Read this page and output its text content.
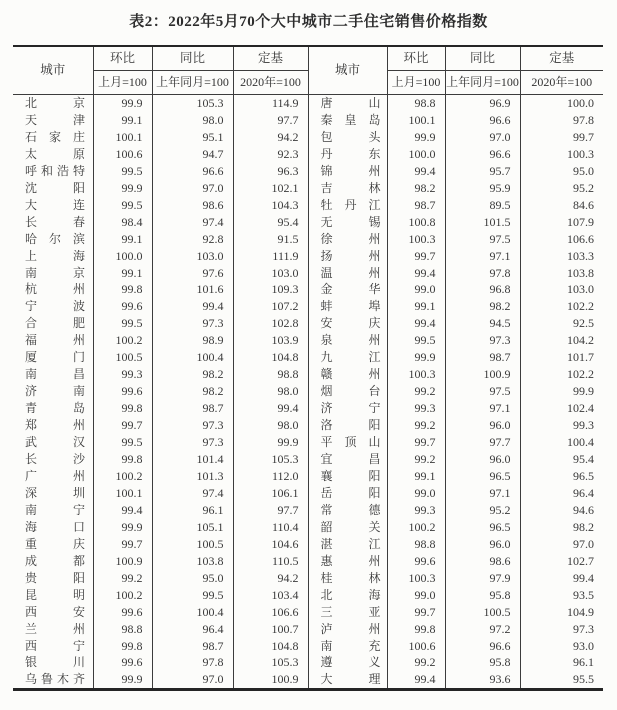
表2：2022年5月70个大中城市二手住宅销售价格指数
城市	环比	同比	定基	城市	环比	同比	定基
	上月=100	上年同月=100	2020年=100		上月=100	上年同月=100	2020年=100
北京	99.9	105.3	114.9	唐山	98.8	96.9	100.0
天津	99.1	98.0	97.7	秦皇岛	100.1	96.6	97.8
石家庄	100.1	95.1	94.2	包头	99.9	97.0	99.7
太原	100.6	94.7	92.3	丹东	100.0	96.6	100.3
呼和浩特	99.5	96.6	96.3	锦州	99.4	95.7	95.0
沈阳	99.9	97.0	102.1	吉林	98.2	95.9	95.2
大连	99.5	98.6	104.3	牡丹江	98.7	89.5	84.6
长春	98.4	97.4	95.4	无锡	100.8	101.5	107.9
哈尔滨	99.1	92.8	91.5	徐州	100.3	97.5	106.6
上海	100.0	103.0	111.9	扬州	99.7	97.1	103.3
南京	99.1	97.6	103.0	温州	99.4	97.8	103.8
杭州	99.8	101.6	109.3	金华	99.0	96.8	103.0
宁波	99.6	99.4	107.2	蚌埠	99.1	98.2	102.2
合肥	99.5	97.3	102.8	安庆	99.4	94.5	92.5
福州	100.2	98.9	103.9	泉州	99.5	97.3	104.2
厦门	100.5	100.4	104.8	九江	99.9	98.7	101.7
南昌	99.3	98.2	98.8	赣州	100.3	100.9	102.2
济南	99.6	98.2	98.0	烟台	99.2	97.5	99.9
青岛	99.8	98.7	99.4	济宁	99.3	97.1	102.4
郑州	99.7	97.3	98.0	洛阳	99.2	96.0	99.3
武汉	99.5	97.3	99.9	平顶山	99.7	97.7	100.4
长沙	99.8	101.4	105.3	宜昌	99.2	96.0	95.4
广州	100.2	101.3	112.0	襄阳	99.1	96.5	96.5
深圳	100.1	97.4	106.1	岳阳	99.0	97.1	96.4
南宁	99.4	96.1	97.7	常德	99.3	95.2	94.6
海口	99.9	105.1	110.4	韶关	100.2	96.5	98.2
重庆	99.7	100.5	104.6	湛江	98.8	96.0	97.0
成都	100.9	103.8	110.5	惠州	99.6	98.6	102.7
贵阳	99.2	95.0	94.2	桂林	100.3	97.9	99.4
昆明	100.2	99.5	103.4	北海	99.0	95.8	93.5
西安	99.6	100.4	106.6	三亚	99.7	100.5	104.9
兰州	98.8	96.4	100.7	泸州	99.8	97.2	97.3
西宁	99.8	98.7	104.8	南充	100.6	96.6	93.0
银川	99.6	97.8	105.3	遵义	99.2	95.8	96.1
乌鲁木齐	99.9	97.0	100.9	大理	99.4	93.6	95.5
